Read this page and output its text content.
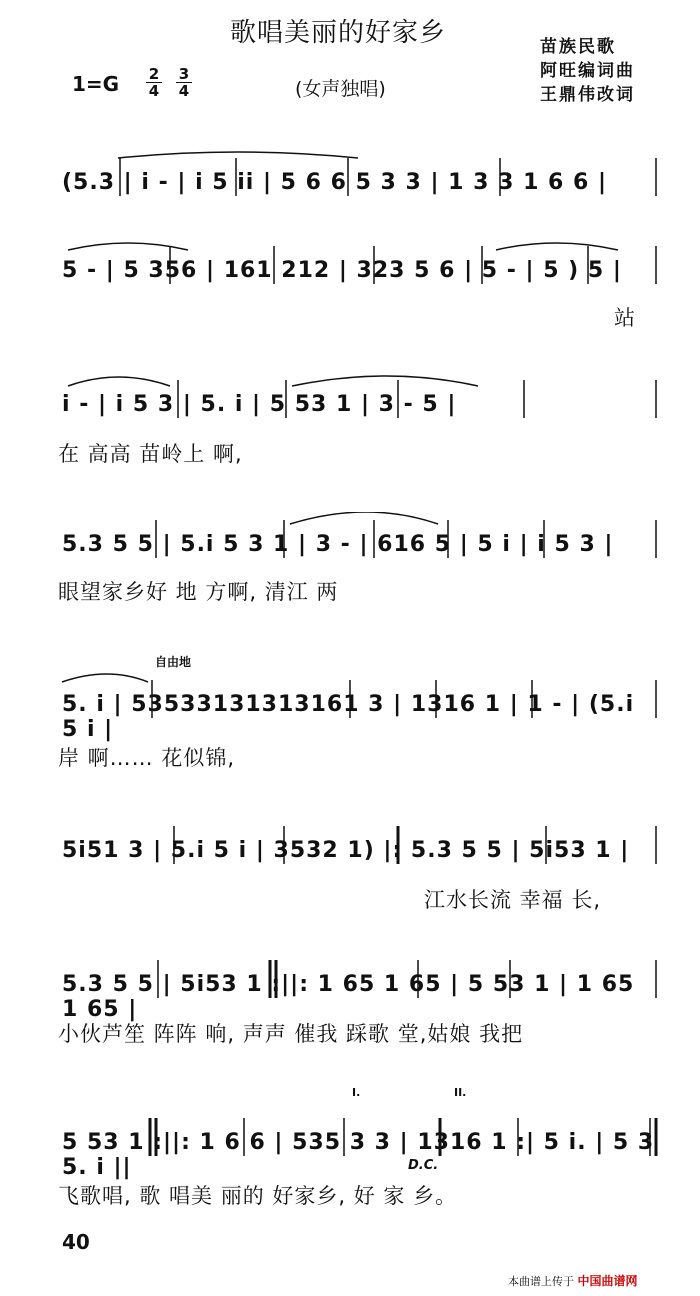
歌唱美丽的好家乡	苗族民歌
阿旺编词曲
王鼎伟改词
1=G 2
4
3
4	(女声独唱)
(5.3 | i - | i 5 ii | 5 6 6 5 3 3 | 1 3 3 1 6 6 |
5 - | 5 356 | 161 212 | 323 5 6 | 5 - | 5 ) 5 |
站
i - | i 5 3 | 5. i | 5 53 1 | 3 - 5 |
在 高高 苗岭上 啊,
5.3 5 5 | 5.i 5 3 1 | 3 - | 616 5 | 5 i | i 5 3 |
眼望家乡好 地 方啊, 清江 两
自由地
5. i | 53533131313161 3 | 1316 1 | 1 - | (5.i 5 i |
岸 啊…… 花似锦,
5i51 3 | 5.i 5 i | 3532 1) |: 5.3 5 5 | 5i53 1 |
江水长流 幸福 长,
5.3 5 5 | 5i53 1 :||: 1 65 1 65 | 5 53 1 | 1 65 1 65 |
小伙芦笙 阵阵 响, 声声 催我 踩歌 堂,姑娘 我把
5 53 1 :||: 1 6 6 | 535 3 3 | 1316 1 :| 5 i. | 5 3 5. i ||
I.	II.
D.C.
飞歌唱, 歌 唱美 丽的 好家乡, 好 家 乡。
40
本曲谱上传于 中国曲谱网
